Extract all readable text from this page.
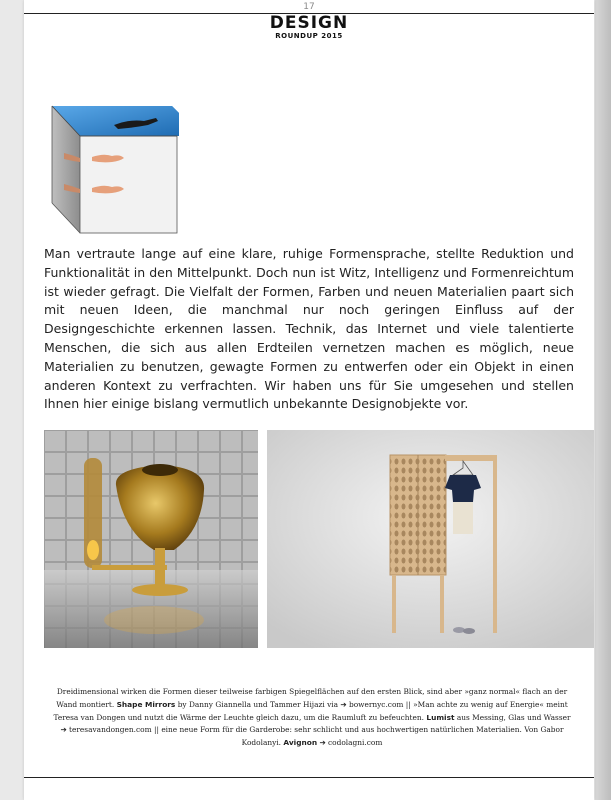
17
DESIGN
ROUNDUP 2015

Man vertraute lange auf eine klare, ruhige Formensprache, stellte Reduktion und Funktionalität in den Mittelpunkt. Doch nun ist Witz, Intelligenz und Formenreichtum ist wieder gefragt. Die Vielfalt der Formen, Farben und neuen Materialien paart sich mit neuen Ideen, die manchmal nur noch geringen Einfluss auf der Designgeschichte erkennen lassen. Technik, das Internet und viele talentierte Menschen, die sich aus allen Erdteilen vernetzen machen es möglich, neue Materialien zu benutzen, gewagte Formen zu entwerfen oder ein Objekt in einen anderen Kontext zu verfrachten. Wir haben uns für Sie umgesehen und stellen Ihnen hier einige bislang vermutlich unbekannte Designobjekte vor.

Dreidimensional wirken die Formen dieser teilweise farbigen Spiegelflächen auf den ersten Blick, sind aber »ganz normal« flach an der Wand montiert. Shape Mirrors by Danny Giannella und Tammer Hijazi via ➔ bowernyc.com || »Man achte zu wenig auf Energie« meint Teresa van Dongen und nutzt die Wärme der Leuchte gleich dazu, um die Raumluft zu befeuchten. Lumist aus Messing, Glas und Wasser ➔ teresavandongen.com || eine neue Form für die Garderobe: sehr schlicht und aus hochwertigen natürlichen Materialien. Von Gabor Kodolanyi. Avignon ➔ codolagni.com
